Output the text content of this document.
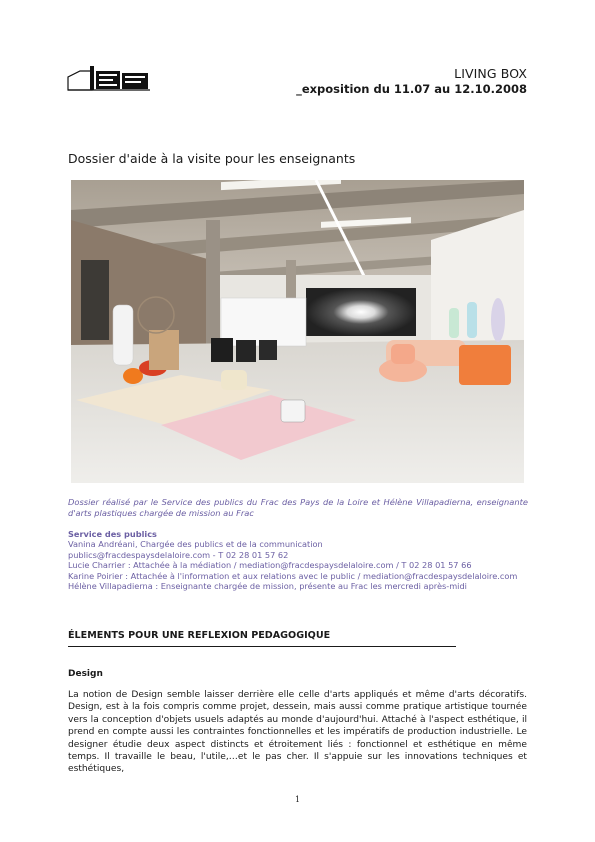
LIVING BOX
_exposition du 11.07 au 12.10.2008
Dossier d'aide à la visite pour les enseignants
Dossier réalisé par le Service des publics du Frac des Pays de la Loire et Hélène Villapadierna, enseignante d'arts plastiques chargée de mission au Frac
Service des publics
Vanina Andréani, Chargée des publics et de la communication
publics@fracdespaysdelaloire.com - T 02 28 01 57 62
Lucie Charrier : Attachée à la médiation / mediation@fracdespaysdelaloire.com / T 02 28 01 57 66
Karine Poirier : Attachée à l'information et aux relations avec le public / mediation@fracdespaysdelaloire.com
Hélène Villapadierna : Enseignante chargée de mission, présente au Frac les mercredi après-midi
ÉLEMENTS POUR UNE REFLEXION PEDAGOGIQUE
Design
La notion de Design semble laisser derrière elle celle d'arts appliqués et même d'arts décoratifs. Design, est à la fois compris comme projet, dessein, mais aussi comme pratique artistique tournée vers la conception d'objets usuels adaptés au monde d'aujourd'hui. Attaché à l'aspect esthétique, il prend en compte aussi les contraintes fonctionnelles et les impératifs de production industrielle. Le designer étudie deux aspect distincts et étroitement liés : fonctionnel et esthétique en même temps. Il travaille le beau, l'utile,…et le pas cher. Il s'appuie sur les innovations techniques et esthétiques,
1
